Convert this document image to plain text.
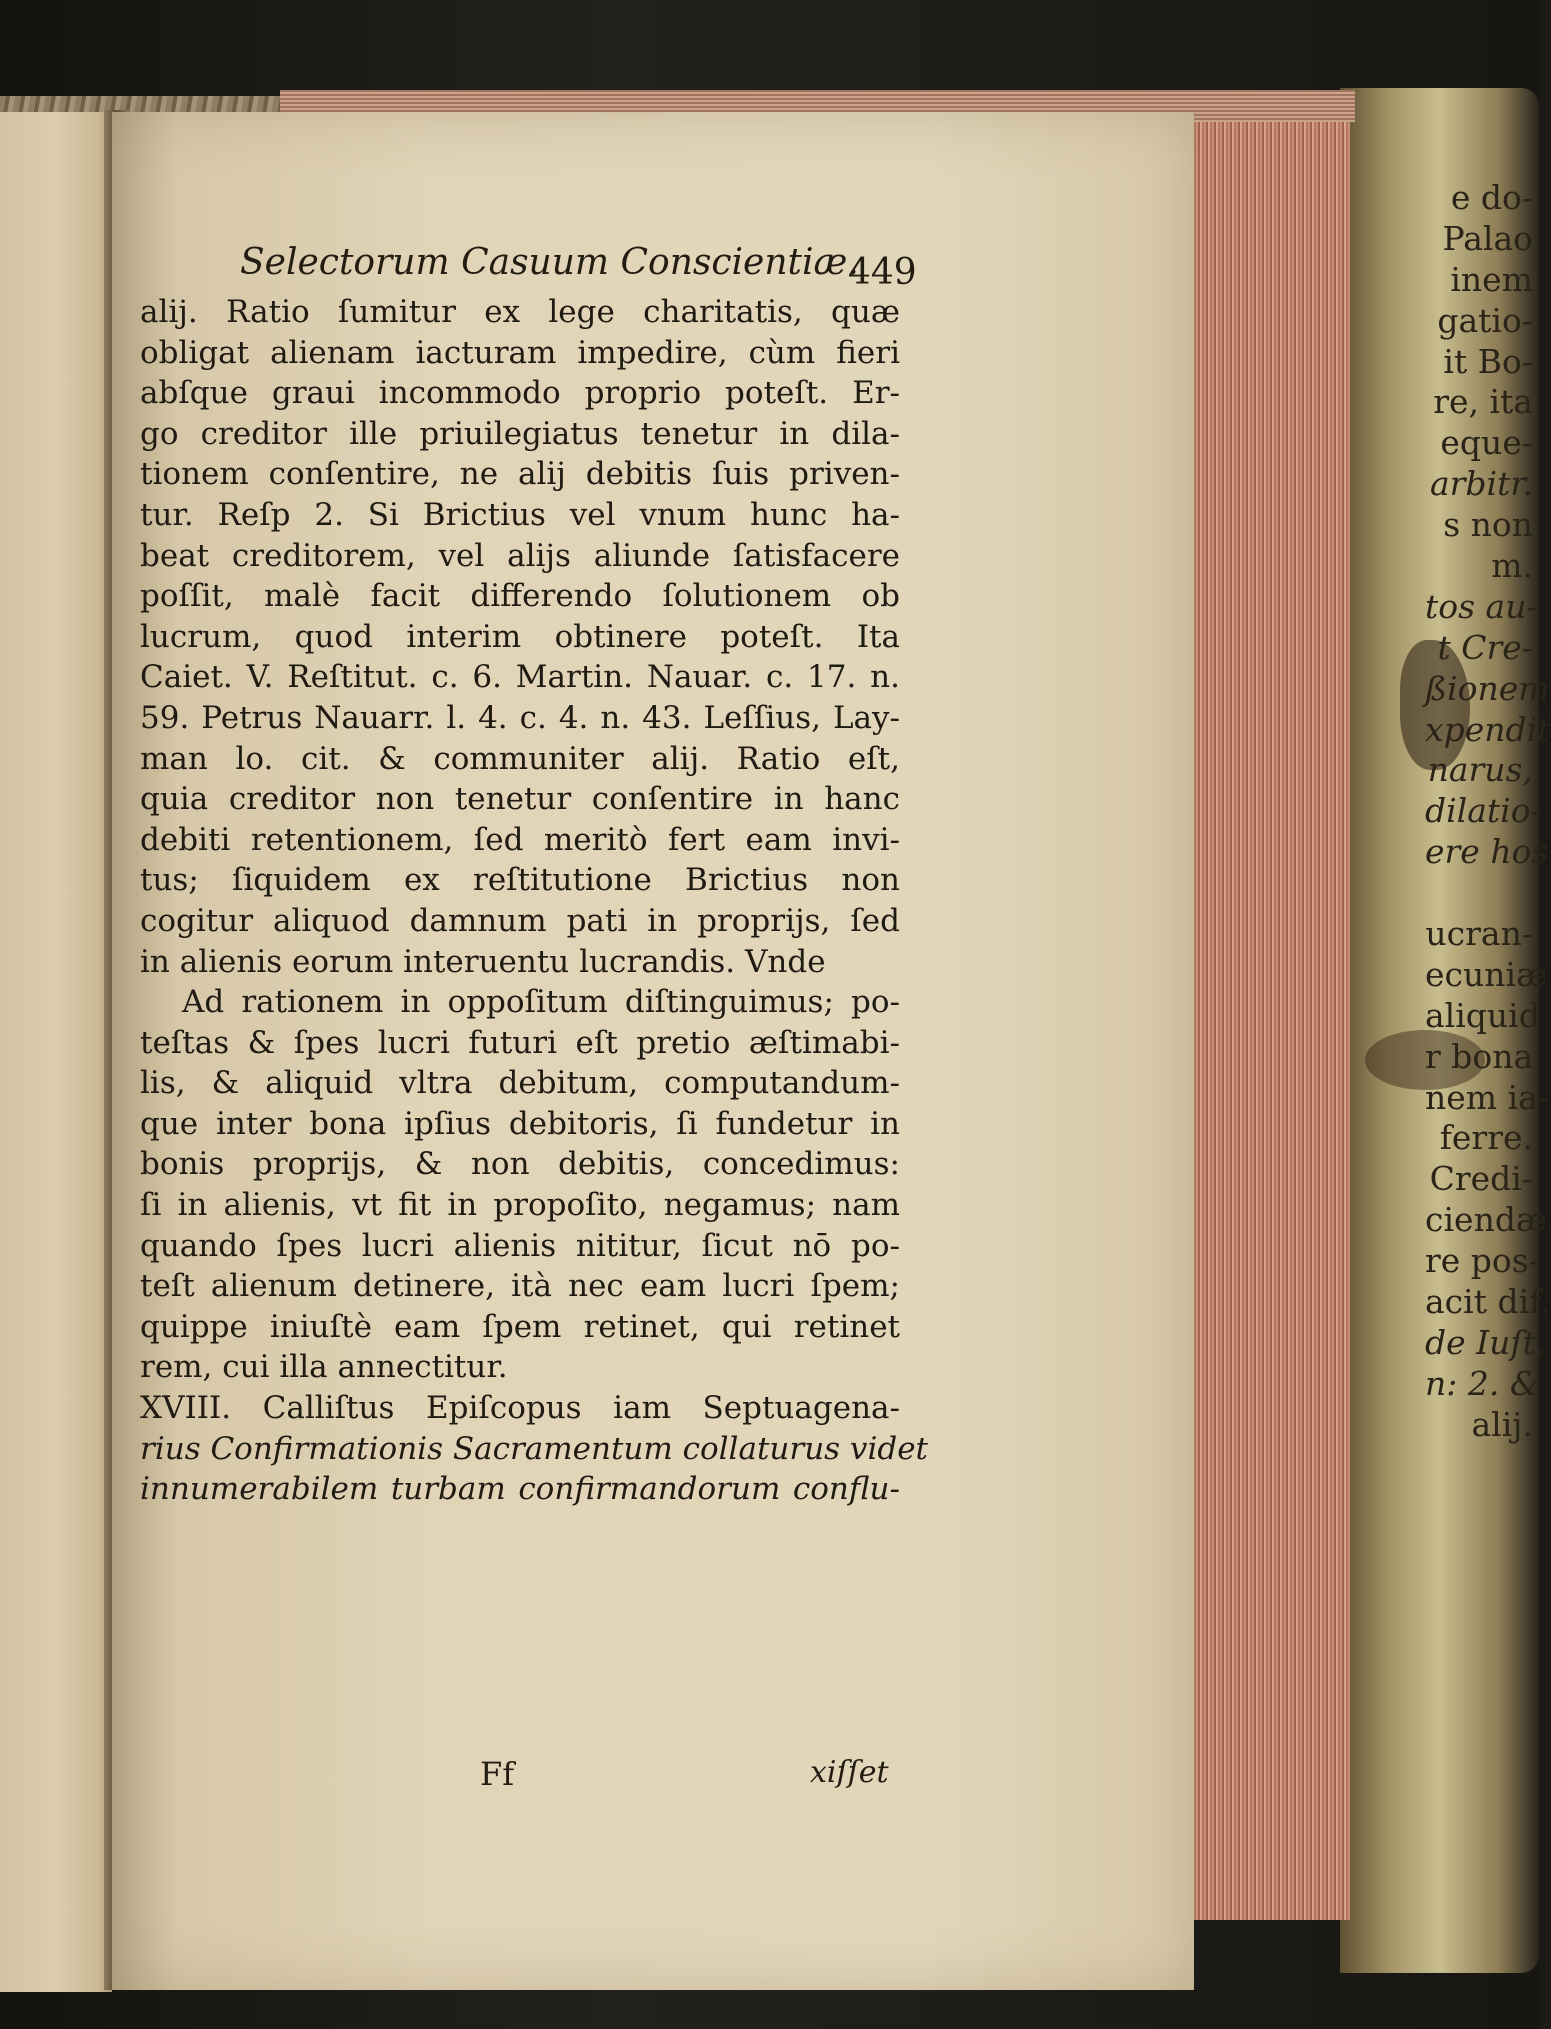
e do-
Palao
inem
gatio-
it Bo-
re, ita
eque-
arbitr.
s non
m.
tos au-
t Cre-
ßionem
xpendit
narus,
dilatio-
ere hos
ucran-
ecuniæ
aliquid
r bona
nem ia-
ferre.
Credi-
ciendæ
re pos-
acit dif.
de Iuſt.
n: 2. &
alij.
Selectorum Casuum Conscientiæ.
449
alij. Ratio ſumitur ex lege charitatis, quæ
obligat alienam iacturam impedire, cùm fieri
abſque graui incommodo proprio poteſt. Er-
go creditor ille priuilegiatus tenetur in dila-
tionem conſentire, ne alij debitis ſuis priven-
tur. Reſp 2. Si Brictius vel vnum hunc ha-
beat creditorem, vel alijs aliunde ſatisfacere
poſſit, malè facit differendo ſolutionem ob
lucrum, quod interim obtinere poteſt. Ita
Caiet. V. Reſtitut. c. 6. Martin. Nauar. c. 17. n.
59. Petrus Nauarr. l. 4. c. 4. n. 43. Leſſius, Lay-
man lo. cit. & communiter alij. Ratio eſt,
quia creditor non tenetur conſentire in hanc
debiti retentionem, ſed meritò fert eam invi-
tus; ſiquidem ex reſtitutione Brictius non
cogitur aliquod damnum pati in proprijs, ſed
in alienis eorum interuentu lucrandis. Vnde
Ad rationem in oppoſitum diſtinguimus; po-
teſtas & ſpes lucri futuri eſt pretio æſtimabi-
lis, & aliquid vltra debitum, computandum-
que inter bona ipſius debitoris, ſi fundetur in
bonis proprijs, & non debitis, concedimus:
ſi in alienis, vt fit in propoſito, negamus; nam
quando ſpes lucri alienis nititur, ſicut nō po-
teſt alienum detinere, ità nec eam lucri ſpem;
quippe iniuſtè eam ſpem retinet, qui retinet
rem, cui illa annectitur.
XVIII. Calliſtus Epiſcopus iam Septuagena-
rius Confirmationis Sacramentum collaturus videt
innumerabilem turbam confirmandorum conflu-
Ff	xiſſet
